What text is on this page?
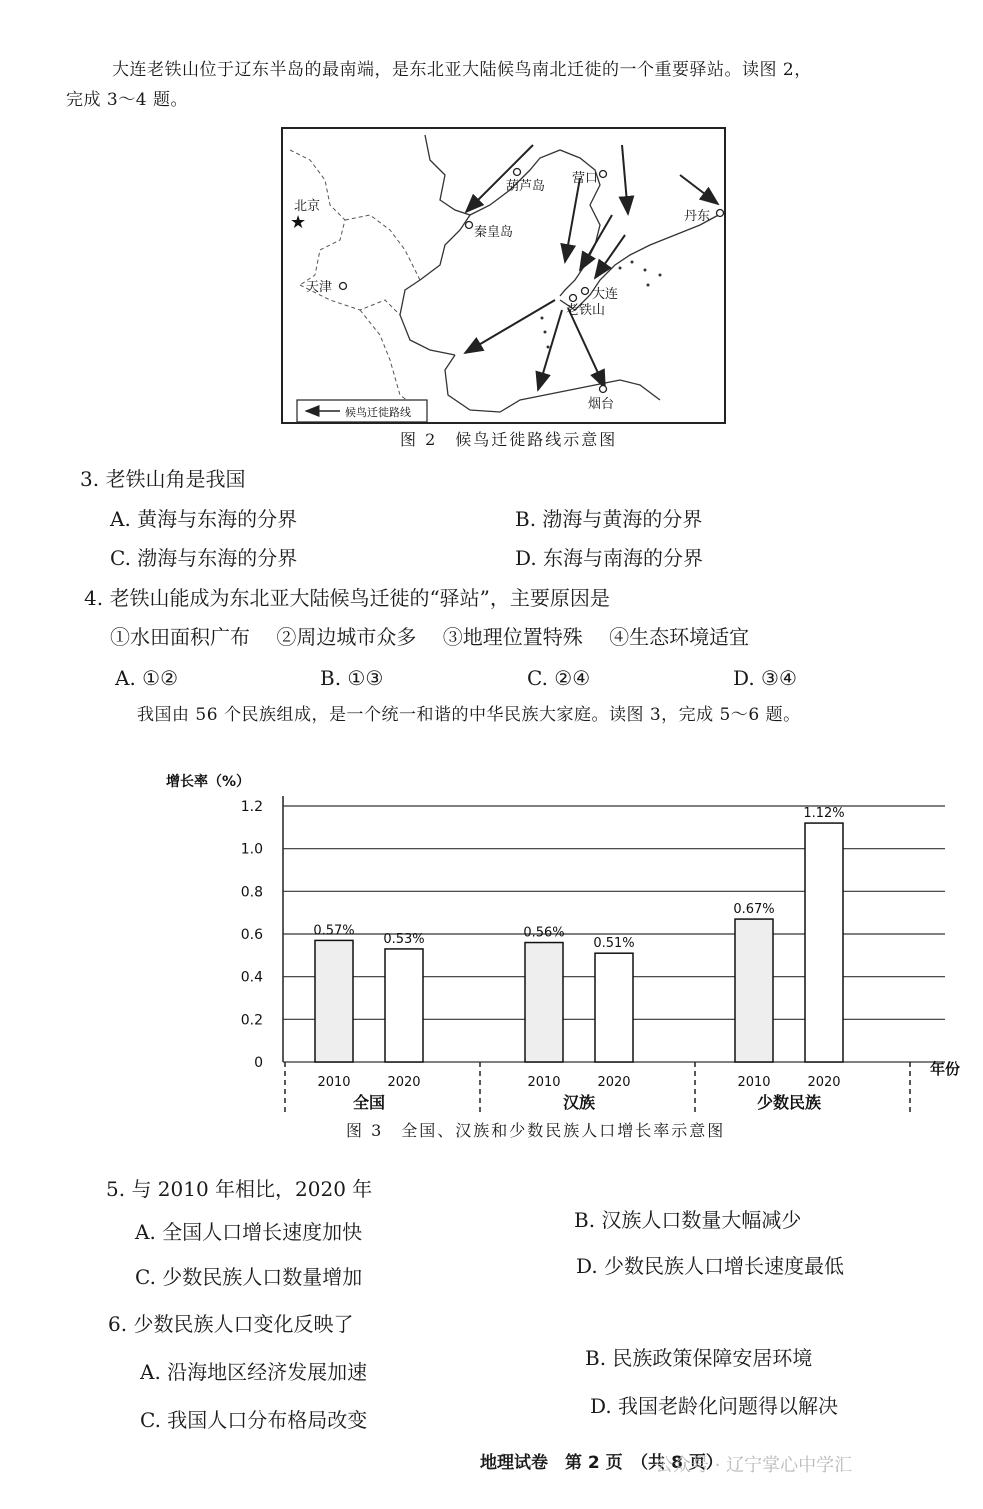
大连老铁山位于辽东半岛的最南端，是东北亚大陆候鸟南北迁徙的一个重要驿站。读图 2，
完成 3～4 题。
★
北京
天津
葫芦岛
营口
秦皇岛
丹东
大连
老铁山
烟台
候鸟迁徙路线
图 2　候鸟迁徙路线示意图
3. 老铁山角是我国
A. 黄海与东海的分界	B. 渤海与黄海的分界
C. 渤海与东海的分界	D. 东海与南海的分界
4. 老铁山能成为东北亚大陆候鸟迁徙的“驿站”，主要原因是
①水田面积广布　 ②周边城市众多　 ③地理位置特殊　 ④生态环境适宜
A. ①②	B. ①③	C. ②④	D. ③④
我国由 56 个民族组成，是一个统一和谐的中华民族大家庭。读图 3，完成 5～6 题。
0
0.2
0.4
0.6
0.8
1.0
1.2
增长率（%）
年份
0.57%
2010
0.53%
2020
全国
0.56%
2010
0.51%
2020
汉族
0.67%
2010
1.12%
2020
少数民族
图 3　全国、汉族和少数民族人口增长率示意图
5. 与 2010 年相比，2020 年
A. 全国人口增长速度加快	B. 汉族人口数量大幅减少
C. 少数民族人口数量增加	D. 少数民族人口增长速度最低
6. 少数民族人口变化反映了
A. 沿海地区经济发展加速
B. 民族政策保障安居环境
C. 我国人口分布格局改变
D. 我国老龄化问题得以解决
地理试卷　第 2 页　（共 8 页）
公众号 · 辽宁掌心中学汇
